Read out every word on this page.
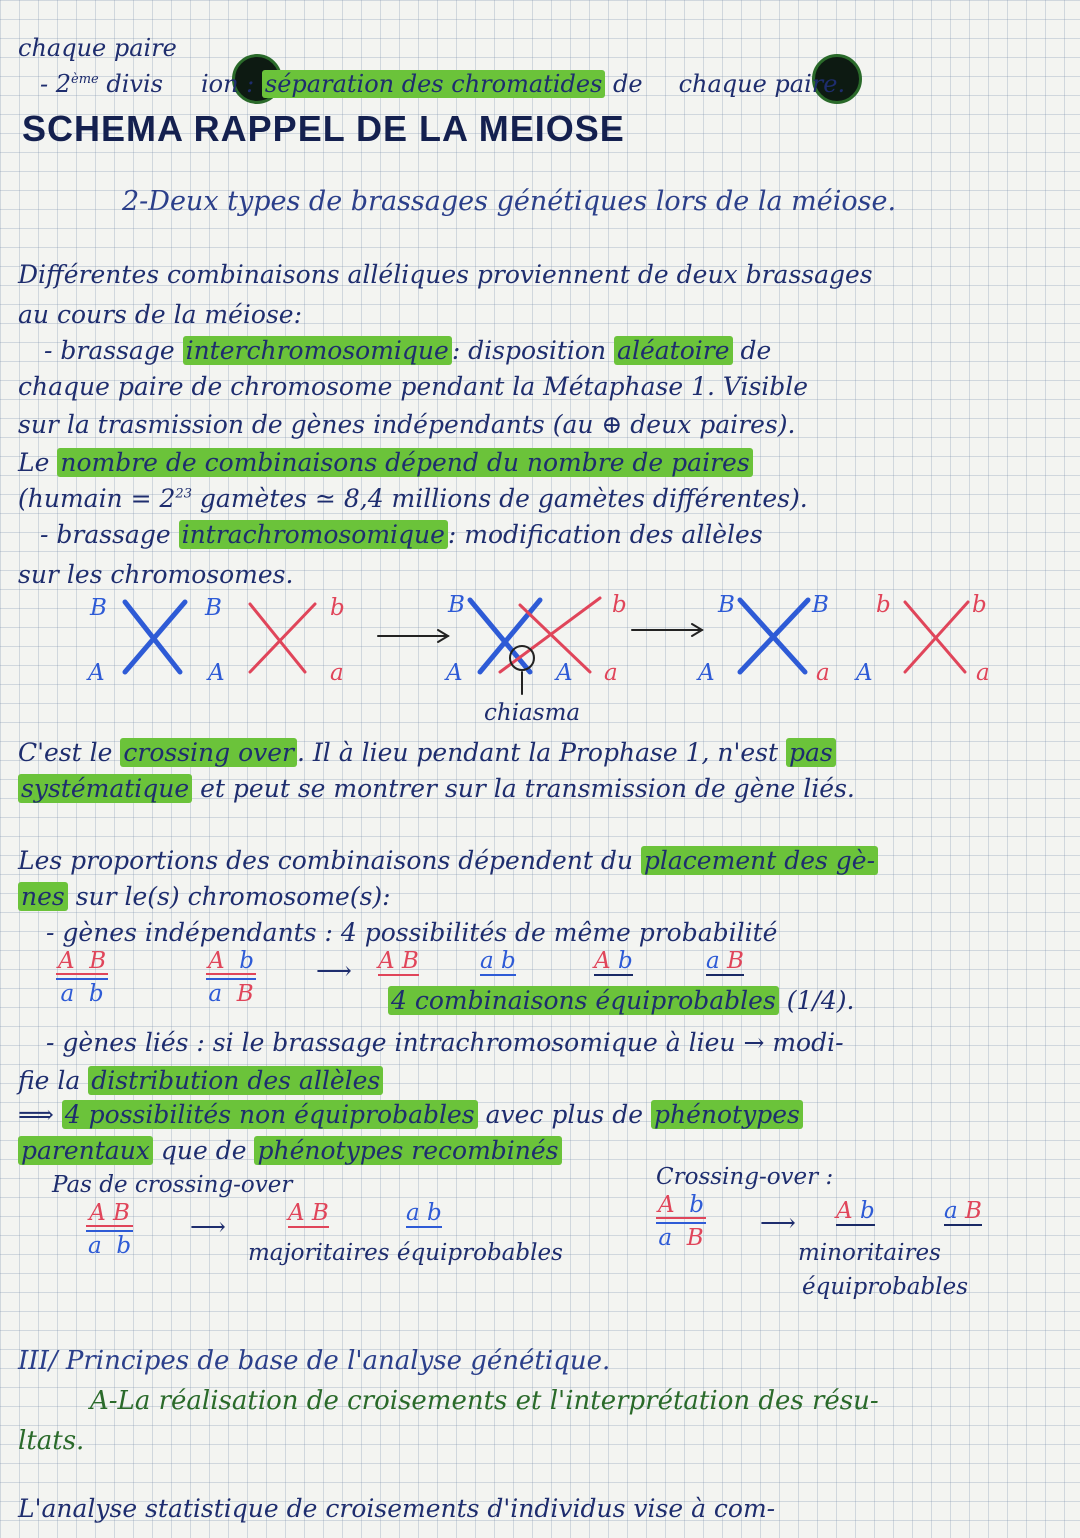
chaque paire
- 2ème divis ion : séparation des chromatides de chaque paire.
SCHEMA RAPPEL DE LA MEIOSE
2-Deux types de brassages génétiques lors de la méiose.
Différentes combinaisons alléliques proviennent de deux brassages
au cours de la méiose:
- brassage interchromosomique : disposition aléatoire de
chaque paire de chromosome pendant la Métaphase 1. Visible
sur la trasmission de gènes indépendants (au ⊕ deux paires).
Le nombre de combinaisons dépend du nombre de paires
(humain = $2^{23}$ gamètes ≃ 8,4 millions de gamètes différentes).
- brassage intrachromosomique : modification des allèles
sur les chromosomes.
B
A
B
A
b
a
B
A
b
A a
B
A
B
a A
b	b
a
chiasma
C'est le crossing over . Il à lieu pendant la Prophase 1, n'est pas
systématique et peut se montrer sur la transmission de gène liés.
Les proportions des combinaisons dépendent du placement des gè-
nes sur le(s) chromosome(s):
- gènes indépendants : 4 possibilités de même probabilité
A B
a b
A b
a B
⟶ A B	a b	A b	a B
4 combinaisons équiprobables (1/4).
- gènes liés : si le brassage intrachromosomique à lieu → modi-
fie la distribution des allèles
⟹ 4 possibilités non équiprobables avec plus de phénotypes
parentaux que de phénotypes recombinés
Pas de crossing-over	Crossing-over :
A B
a b
⟶	A B	a b
majoritaires équiprobables
A b
a B
⟶ A b	a B
minoritaires
équiprobables
III/ Principes de base de l'analyse génétique.
A-La réalisation de croisements et l'interprétation des résu-
ltats.
L'analyse statistique de croisements d'individus vise à com-
